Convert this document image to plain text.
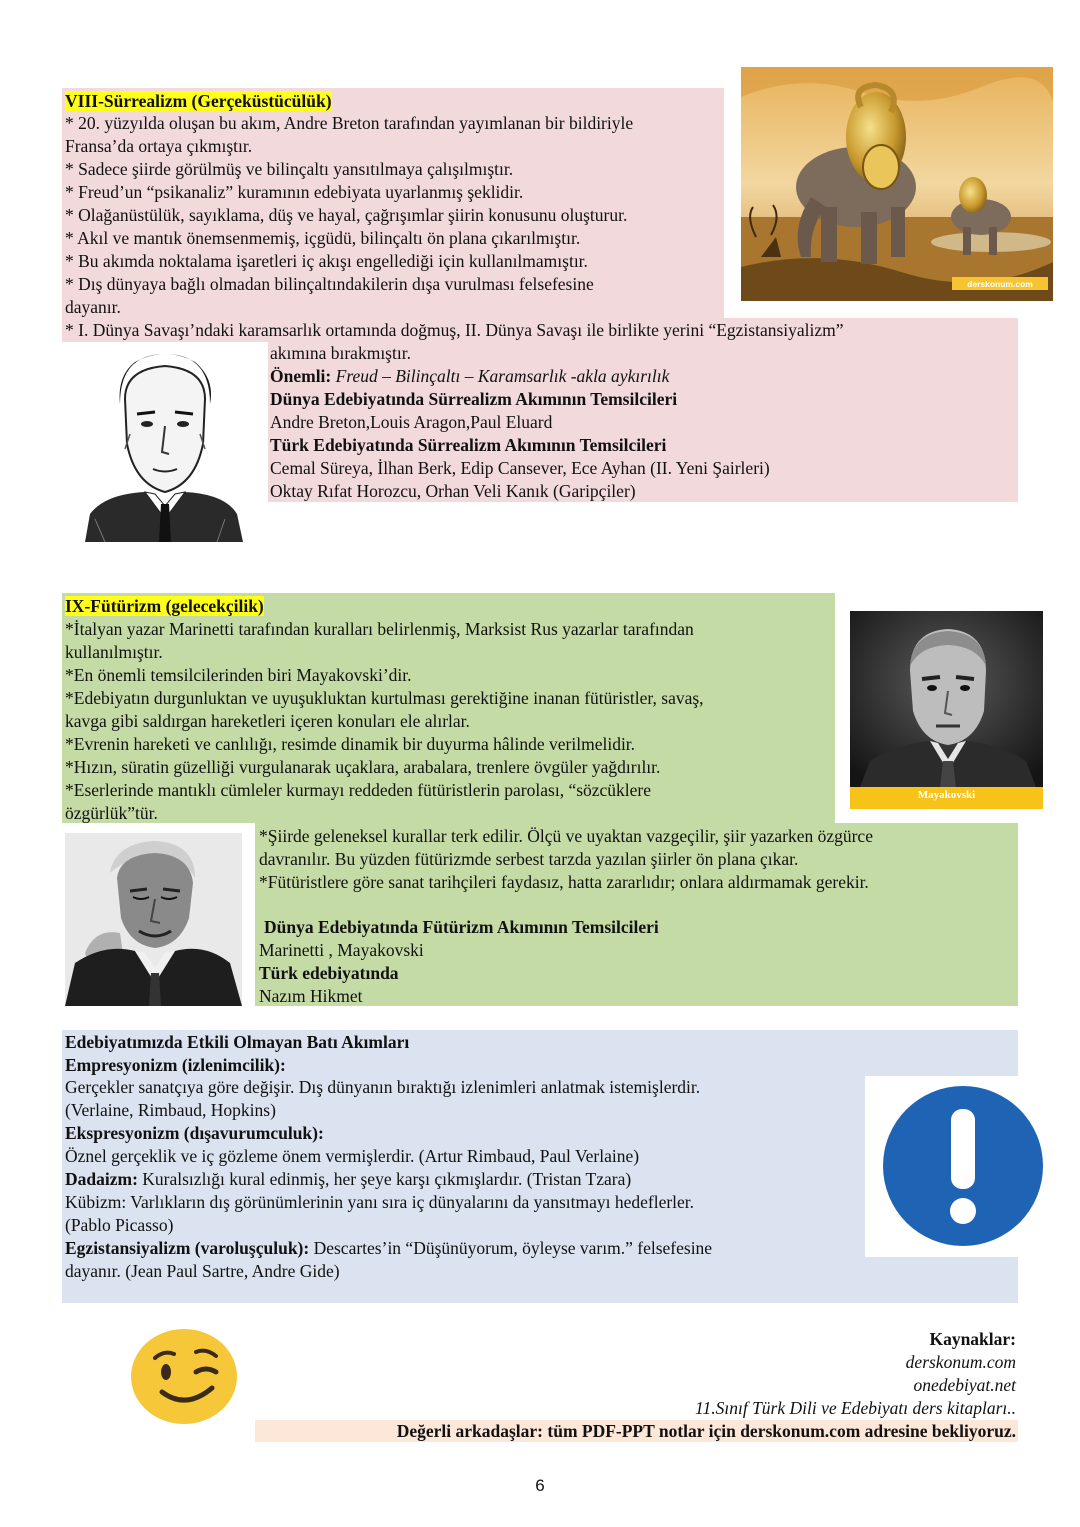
VIII-Sürrealizm (Gerçeküstücülük)
* 20. yüzyılda oluşan bu akım, Andre Breton tarafından yayımlanan bir bildiriyle
Fransa’da ortaya çıkmıştır.
* Sadece şiirde görülmüş ve bilinçaltı yansıtılmaya çalışılmıştır.
* Freud’un “psikanaliz” kuramının edebiyata uyarlanmış şeklidir.
* Olağanüstülük, sayıklama, düş ve hayal, çağrışımlar şiirin konusunu oluşturur.
* Akıl ve mantık önemsenmemiş, içgüdü, bilinçaltı ön plana çıkarılmıştır.
* Bu akımda noktalama işaretleri iç akışı engellediği için kullanılmamıştır.
* Dış dünyaya bağlı olmadan bilinçaltındakilerin dışa vurulması felsefesine
dayanır.
* I. Dünya Savaşı’ndaki karamsarlık ortamında doğmuş, II. Dünya Savaşı ile birlikte yerini “Egzistansiyalizm”
akımına bırakmıştır.
Önemli: Freud – Bilinçaltı – Karamsarlık -akla aykırılık
Dünya Edebiyatında Sürrealizm Akımının Temsilcileri
Andre Breton,Louis Aragon,Paul Eluard
Türk Edebiyatında Sürrealizm Akımının Temsilcileri
Cemal Süreya, İlhan Berk, Edip Cansever, Ece Ayhan (II. Yeni Şairleri)
Oktay Rıfat Horozcu, Orhan Veli Kanık (Garipçiler)
derskonum.com
IX-Fütürizm (gelecekçilik)
*İtalyan yazar Marinetti tarafından kuralları belirlenmiş, Marksist Rus yazarlar tarafından
kullanılmıştır.
*En önemli temsilcilerinden biri Mayakovski’dir.
*Edebiyatın durgunluktan ve uyuşukluktan kurtulması gerektiğine inanan fütüristler, savaş,
kavga gibi saldırgan hareketleri içeren konuları ele alırlar.
*Evrenin hareketi ve canlılığı, resimde dinamik bir duyurma hâlinde verilmelidir.
*Hızın, süratin güzelliği vurgulanarak uçaklara, arabalara, trenlere övgüler yağdırılır.
*Eserlerinde mantıklı cümleler kurmayı reddeden fütüristlerin parolası, “sözcüklere
özgürlük”tür.
*Şiirde geleneksel kurallar terk edilir. Ölçü ve uyaktan vazgeçilir, şiir yazarken özgürce
davranılır. Bu yüzden fütürizmde serbest tarzda yazılan şiirler ön plana çıkar.
*Fütüristlere göre sanat tarihçileri faydasız, hatta zararlıdır; onlara aldırmamak gerekir.
Dünya Edebiyatında Fütürizm Akımının Temsilcileri
Marinetti , Mayakovski
Türk edebiyatında
Nazım Hikmet
Mayakovski
Edebiyatımızda Etkili Olmayan Batı Akımları
Empresyonizm (izlenimcilik):
Gerçekler sanatçıya göre değişir. Dış dünyanın bıraktığı izlenimleri anlatmak istemişlerdir.
(Verlaine, Rimbaud, Hopkins)
Ekspresyonizm (dışavurumculuk):
Öznel gerçeklik ve iç gözleme önem vermişlerdir. (Artur Rimbaud, Paul Verlaine)
Dadaizm: Kuralsızlığı kural edinmiş, her şeye karşı çıkmışlardır. (Tristan Tzara)
Kübizm: Varlıkların dış görünümlerinin yanı sıra iç dünyalarını da yansıtmayı hedeflerler.
(Pablo Picasso)
Egzistansiyalizm (varoluşçuluk): Descartes’in “Düşünüyorum, öyleyse varım.” felsefesine
dayanır. (Jean Paul Sartre, Andre Gide)
Kaynaklar:
derskonum.com
onedebiyat.net
11.Sınıf Türk Dili ve Edebiyatı ders kitapları..
Değerli arkadaşlar: tüm PDF-PPT notlar için derskonum.com adresine bekliyoruz.
6
